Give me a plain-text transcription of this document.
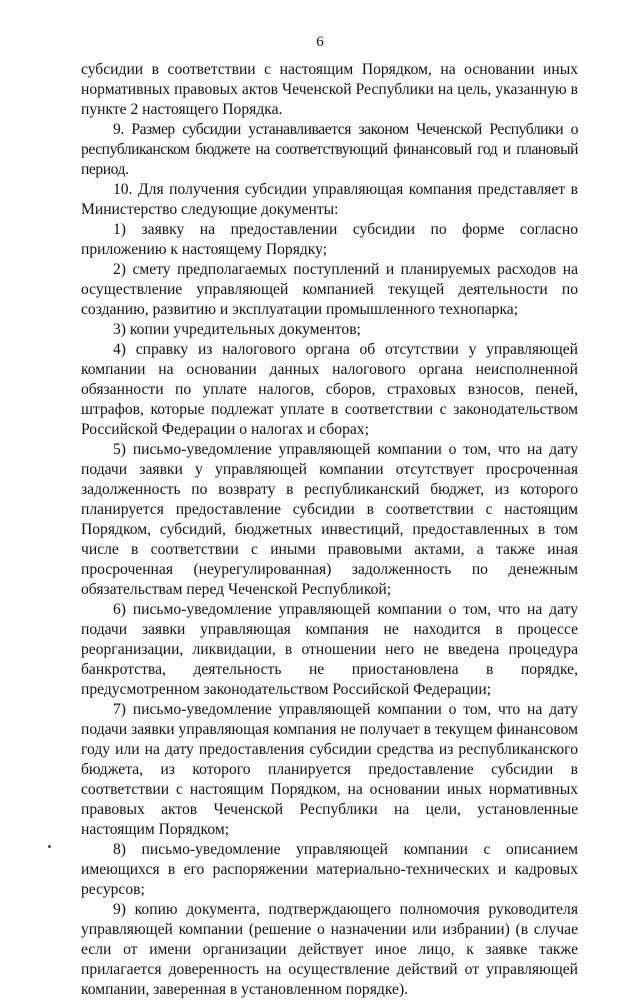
6

субсидии в соответствии с настоящим Порядком, на основании иных нормативных правовых актов Чеченской Республики на цель, указанную в пункте 2 настоящего Порядка.

9. Размер субсидии устанавливается законом Чеченской Республики о республиканском бюджете на соответствующий финансовый год и плановый период.

10. Для получения субсидии управляющая компания представляет в Министерство следующие документы:

1) заявку на предоставлении субсидии по форме согласно приложению к настоящему Порядку;

2) смету предполагаемых поступлений и планируемых расходов на осуществление управляющей компанией текущей деятельности по созданию, развитию и эксплуатации промышленного технопарка;

3) копии учредительных документов;

4) справку из налогового органа об отсутствии у управляющей компании на основании данных налогового органа неисполненной обязанности по уплате налогов, сборов, страховых взносов, пеней, штрафов, которые подлежат уплате в соответствии с законодательством Российской Федерации о налогах и сборах;

5) письмо-уведомление управляющей компании о том, что на дату подачи заявки у управляющей компании отсутствует просроченная задолженность по возврату в республиканский бюджет, из которого планируется предоставление субсидии в соответствии с настоящим Порядком, субсидий, бюджетных инвестиций, предоставленных в том числе в соответствии с иными правовыми актами, а также иная просроченная (неурегулированная) задолженность по денежным обязательствам перед Чеченской Республикой;

6) письмо-уведомление управляющей компании о том, что на дату подачи заявки управляющая компания не находится в процессе реорганизации, ликвидации, в отношении него не введена процедура банкротства, деятельность не приостановлена в порядке, предусмотренном законодательством Российской Федерации;

7) письмо-уведомление управляющей компании о том, что на дату подачи заявки управляющая компания не получает в текущем финансовом году или на дату предоставления субсидии средства из республиканского бюджета, из которого планируется предоставление субсидии в соответствии с настоящим Порядком, на основании иных нормативных правовых актов Чеченской Республики на цели, установленные настоящим Порядком;

8) письмо-уведомление управляющей компании с описанием имеющихся в его распоряжении материально-технических и кадровых ресурсов;

9) копию документа, подтверждающего полномочия руководителя управляющей компании (решение о назначении или избрании) (в случае если от имени организации действует иное лицо, к заявке также прилагается доверенность на осуществление действий от управляющей компании, заверенная в установленном порядке).
